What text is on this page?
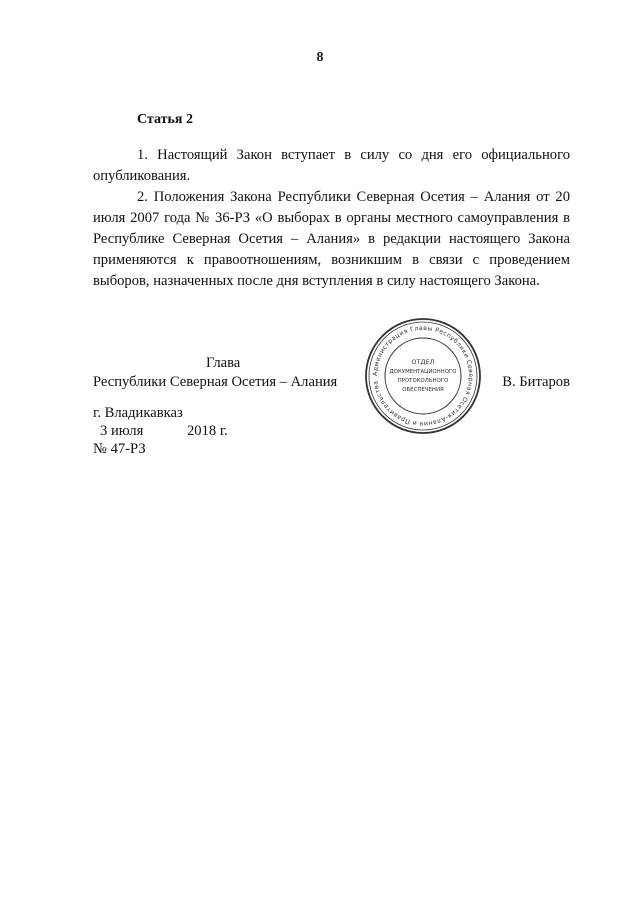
8
Статья 2

1. Настоящий Закон вступает в силу со дня его официального опубликования.

2. Положения Закона Республики Северная Осетия – Алания от 20 июля 2007 года № 36-РЗ «О выборах в органы местного самоуправления в Республике Северная Осетия – Алания» в редакции настоящего Закона применяются к правоотношениям, возникшим в связи с проведением выборов, назначенных после дня вступления в силу настоящего Закона.

Глава
Республики Северная Осетия – Алания	В. Битаров
Администрация Главы Республики Северная Осетия-Алания и Правительства
ОТДЕЛ
ДОКУМЕНТАЦИОННОГО
ПРОТОКОЛЬНОГО
ОБЕСПЕЧЕНИЯ
г. Владикавказ
3 июля	2018 г.
№ 47-РЗ
